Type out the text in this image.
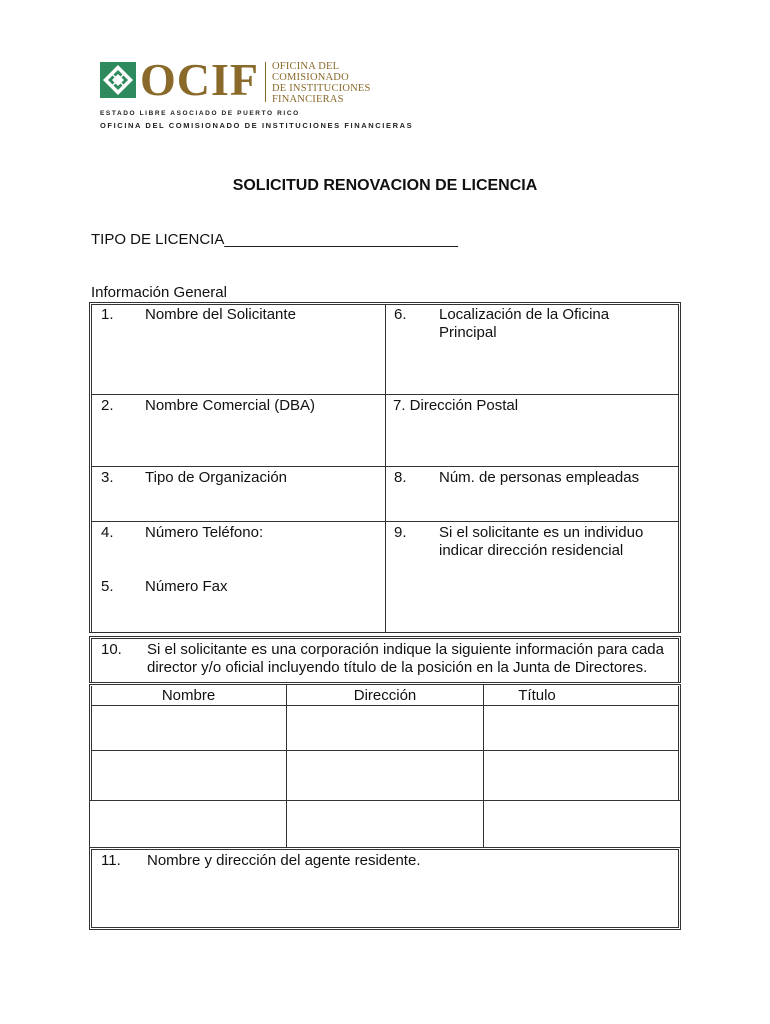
OCIF OFICINA DEL
COMISIONADO
DE INSTITUCIONES
FINANCIERAS
ESTADO LIBRE ASOCIADO DE PUERTO RICO
OFICINA DEL COMISIONADO DE INSTITUCIONES FINANCIERAS
SOLICITUD RENOVACION DE LICENCIA
TIPO DE LICENCIA____________________________
Información General
1. Nombre del Solicitante	6. Localización de la Oficina
Principal
2. Nombre Comercial (DBA)	7. Dirección Postal
3. Tipo de Organización	8. Núm. de personas empleadas
4. Número Teléfono:	9. Si el solicitante es un individuo
indicar dirección residencial
5. Número Fax
10. Si el solicitante es una corporación indique la siguiente información para cada
director y/o oficial incluyendo título de la posición en la Junta de Directores.
Nombre	Dirección	Título
11. Nombre y dirección del agente residente.
